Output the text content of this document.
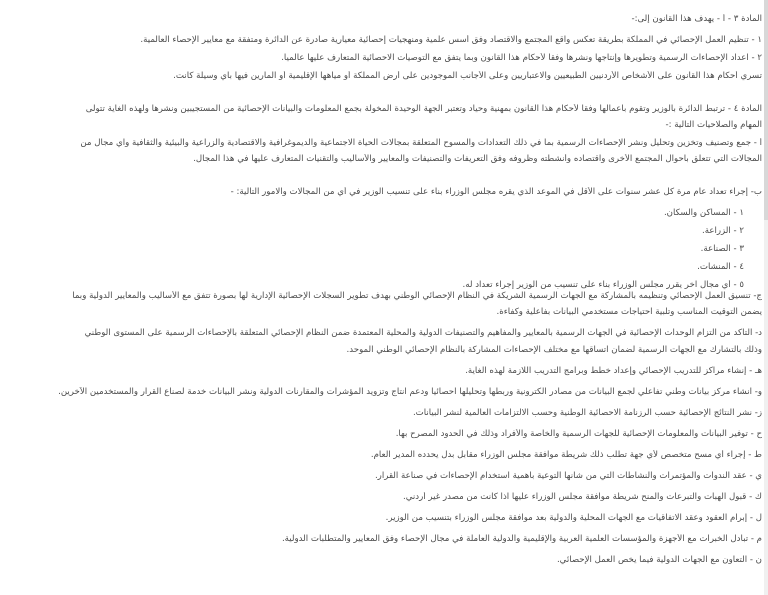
المادة ٣ - أ - يهدف هذا القانون إلى:-

١ - تنظيم العمل الإحصائي في المملكة بطريقة تعكس واقع المجتمع والاقتصاد وفق أسس علمية ومنهجيات إحصائية معيارية صادرة عن الدائرة ومتفقة مع معايير الإحصاء العالمية.

٢ - اعداد الإحصاءات الرسمية وتطويرها وإنتاجها ونشرها وفقاً لأحكام هذا القانون وبما يتفق مع التوصيات الاحصائية المتعارف عليها عالمياً.

تسري أحكام هذا القانون على الأشخاص الأردنيين الطبيعيين والاعتباريين وعلى الأجانب الموجودين على أرض المملكة أو مياهها الإقليمية أو المارين فيها بأي وسيلة كانت.

المادة ٤ - ترتبط الدائرة بالوزير وتقوم بأعمالها وفقاً لأحكام هذا القانون بمهنية وحياد وتعتبر الجهة الوحيدة المخولة بجمع المعلومات والبيانات الإحصائية من المستجيبين ونشرها ولهذه الغاية تتولى

المهام والصلاحيات التالية :-

أ - جمع وتصنيف وتخزين وتحليل ونشر الإحصاءات الرسمية بما في ذلك التعدادات والمسوح المتعلقة بمجالات الحياة الاجتماعية والديموغرافية والاقتصادية والزراعية والبيئية والثقافية واي مجال من

المجالات التي تتعلق بأحوال المجتمع الأخرى واقتصاده وأنشطته وظروفه وفق التعريفات والتصنيفات والمعايير والأساليب والتقنيات المتعارف عليها في هذا المجال.

ب- إجراء تعداد عام مرة كل عشر سنوات على الأقل في الموعد الذي يقره مجلس الوزراء بناء على تنسيب الوزير في أي من المجالات والامور التالية: -

١ - المساكن والسكان.

٢ - الزراعة.

٣ - الصناعة.

٤ - المنشآت.

٥ - أي مجال آخر يقرر مجلس الوزراء بناء على تنسيب من الوزير إجراء تعداد له.

ج- تنسيق العمل الإحصائي وتنظيمه بالمشاركة مع الجهات الرسمية الشريكة في النظام الإحصائي الوطني بهدف تطوير السجلات الإحصائية الإدارية لها بصورة تتفق مع الأساليب والمعايير الدولية وبما

يضمن التوقيت المناسب وتلبية احتياجات مستخدمي البيانات بفاعلية وكفاءة.

د- التأكد من التزام الوحدات الإحصائية في الجهات الرسمية بالمعايير والمفاهيم والتصنيفات الدولية والمحلية المعتمدة ضمن النظام الإحصائي المتعلقة بالإحصاءات الرسمية على المستوى الوطني

وذلك بالتشارك مع الجهات الرسمية لضمان اتساقها مع مختلف الإحصاءات المشاركة بالنظام الإحصائي الوطني الموحد.

هـ - إنشاء مراكز للتدريب الإحصائي وإعداد خطط وبرامج التدريب اللازمة لهذه الغاية.

و- انشاء مركز بيانات وطني تفاعلي لجمع البيانات من مصادر الكترونية وربطها وتحليلها احصائيا ودعم انتاج وتزويد المؤشرات والمقارنات الدولية ونشر البيانات خدمة لصناع القرار والمستخدمين الآخرين.

ز- نشر النتائج الإحصائية حسب الرزنامة الاحصائية الوطنية وحسب الالتزامات العالمية لنشر البيانات.

ح - توفير البيانات والمعلومات الإحصائية للجهات الرسمية والخاصة والأفراد وذلك في الحدود المصرح بها.

ط - إجراء أي مسح متخصص لأي جهة تطلب ذلك شريطة موافقة مجلس الوزراء مقابل بدل يحدده المدير العام.

ي - عقد الندوات والمؤتمرات والنشاطات التي من شأنها التوعية بأهمية استخدام الإحصاءات في صناعة القرار.

ك - قبول الهبات والتبرعات والمنح شريطة موافقة مجلس الوزراء عليها اذا كانت من مصدر غير أردني.

ل - إبرام العقود وعقد الاتفاقيات مع الجهات المحلية والدولية بعد موافقة مجلس الوزراء بتنسيب من الوزير.

م - تبادل الخبرات مع الأجهزة والمؤسسات العلمية العربية والإقليمية والدولية العاملة في مجال الإحصاء وفق المعايير والمتطلبات الدولية.

ن - التعاون مع الجهات الدولية فيما يخص العمل الإحصائي.
